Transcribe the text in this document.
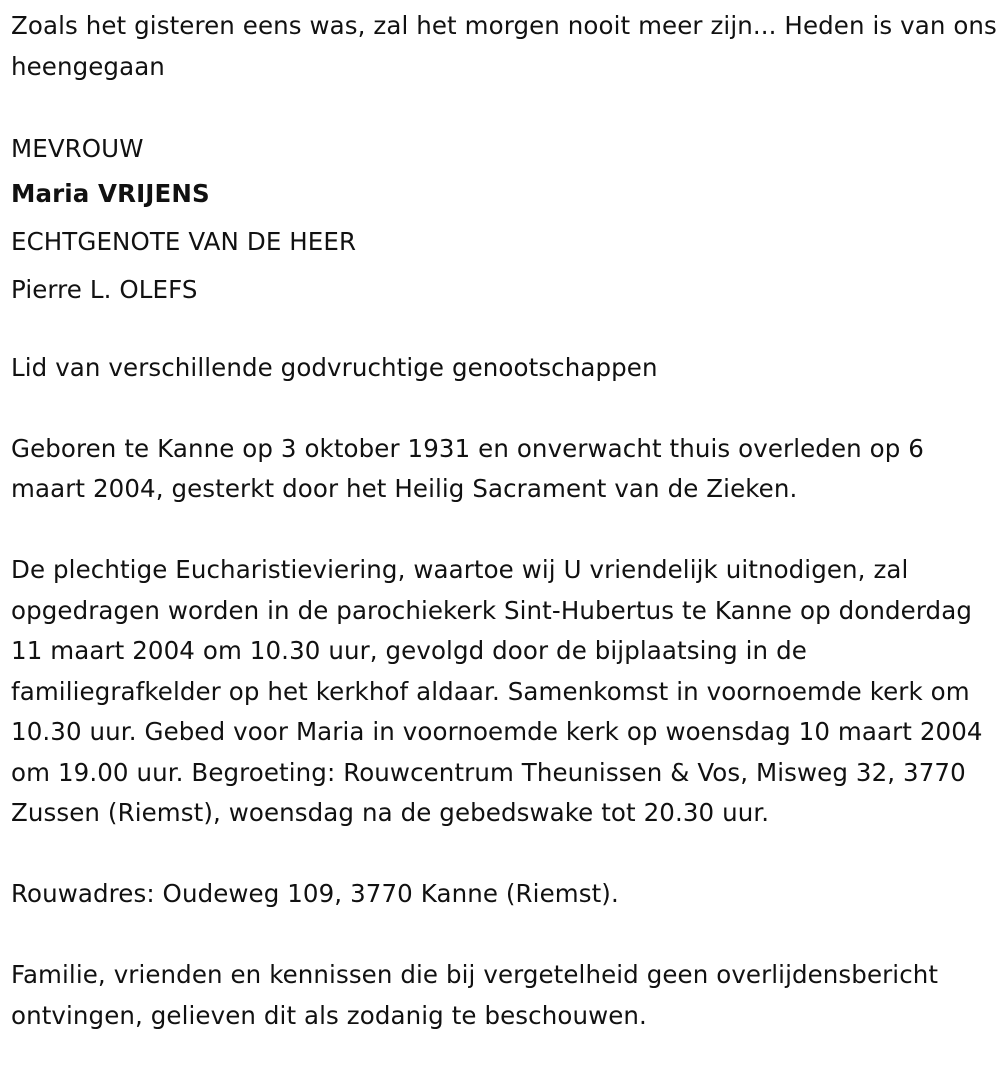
Zoals het gisteren eens was, zal het morgen nooit meer zijn... Heden is van ons heengegaan

MEVROUW

Maria VRIJENS

ECHTGENOTE VAN DE HEER

Pierre L. OLEFS

Lid van verschillende godvruchtige genootschappen

Geboren te Kanne op 3 oktober 1931 en onverwacht thuis overleden op 6 maart 2004, gesterkt door het Heilig Sacrament van de Zieken.

De plechtige Eucharistieviering, waartoe wij U vriendelijk uitnodigen, zal opgedragen worden in de parochiekerk Sint-Hubertus te Kanne op donderdag 11 maart 2004 om 10.30 uur, gevolgd door de bijplaatsing in de familiegrafkelder op het kerkhof aldaar. Samenkomst in voornoemde kerk om 10.30 uur. Gebed voor Maria in voornoemde kerk op woensdag 10 maart 2004 om 19.00 uur. Begroeting: Rouwcentrum Theunissen & Vos, Misweg 32, 3770 Zussen (Riemst), woensdag na de gebedswake tot 20.30 uur.

Rouwadres: Oudeweg 109, 3770 Kanne (Riemst).

Familie, vrienden en kennissen die bij vergetelheid geen overlijdensbericht ontvingen, gelieven dit als zodanig te beschouwen.
